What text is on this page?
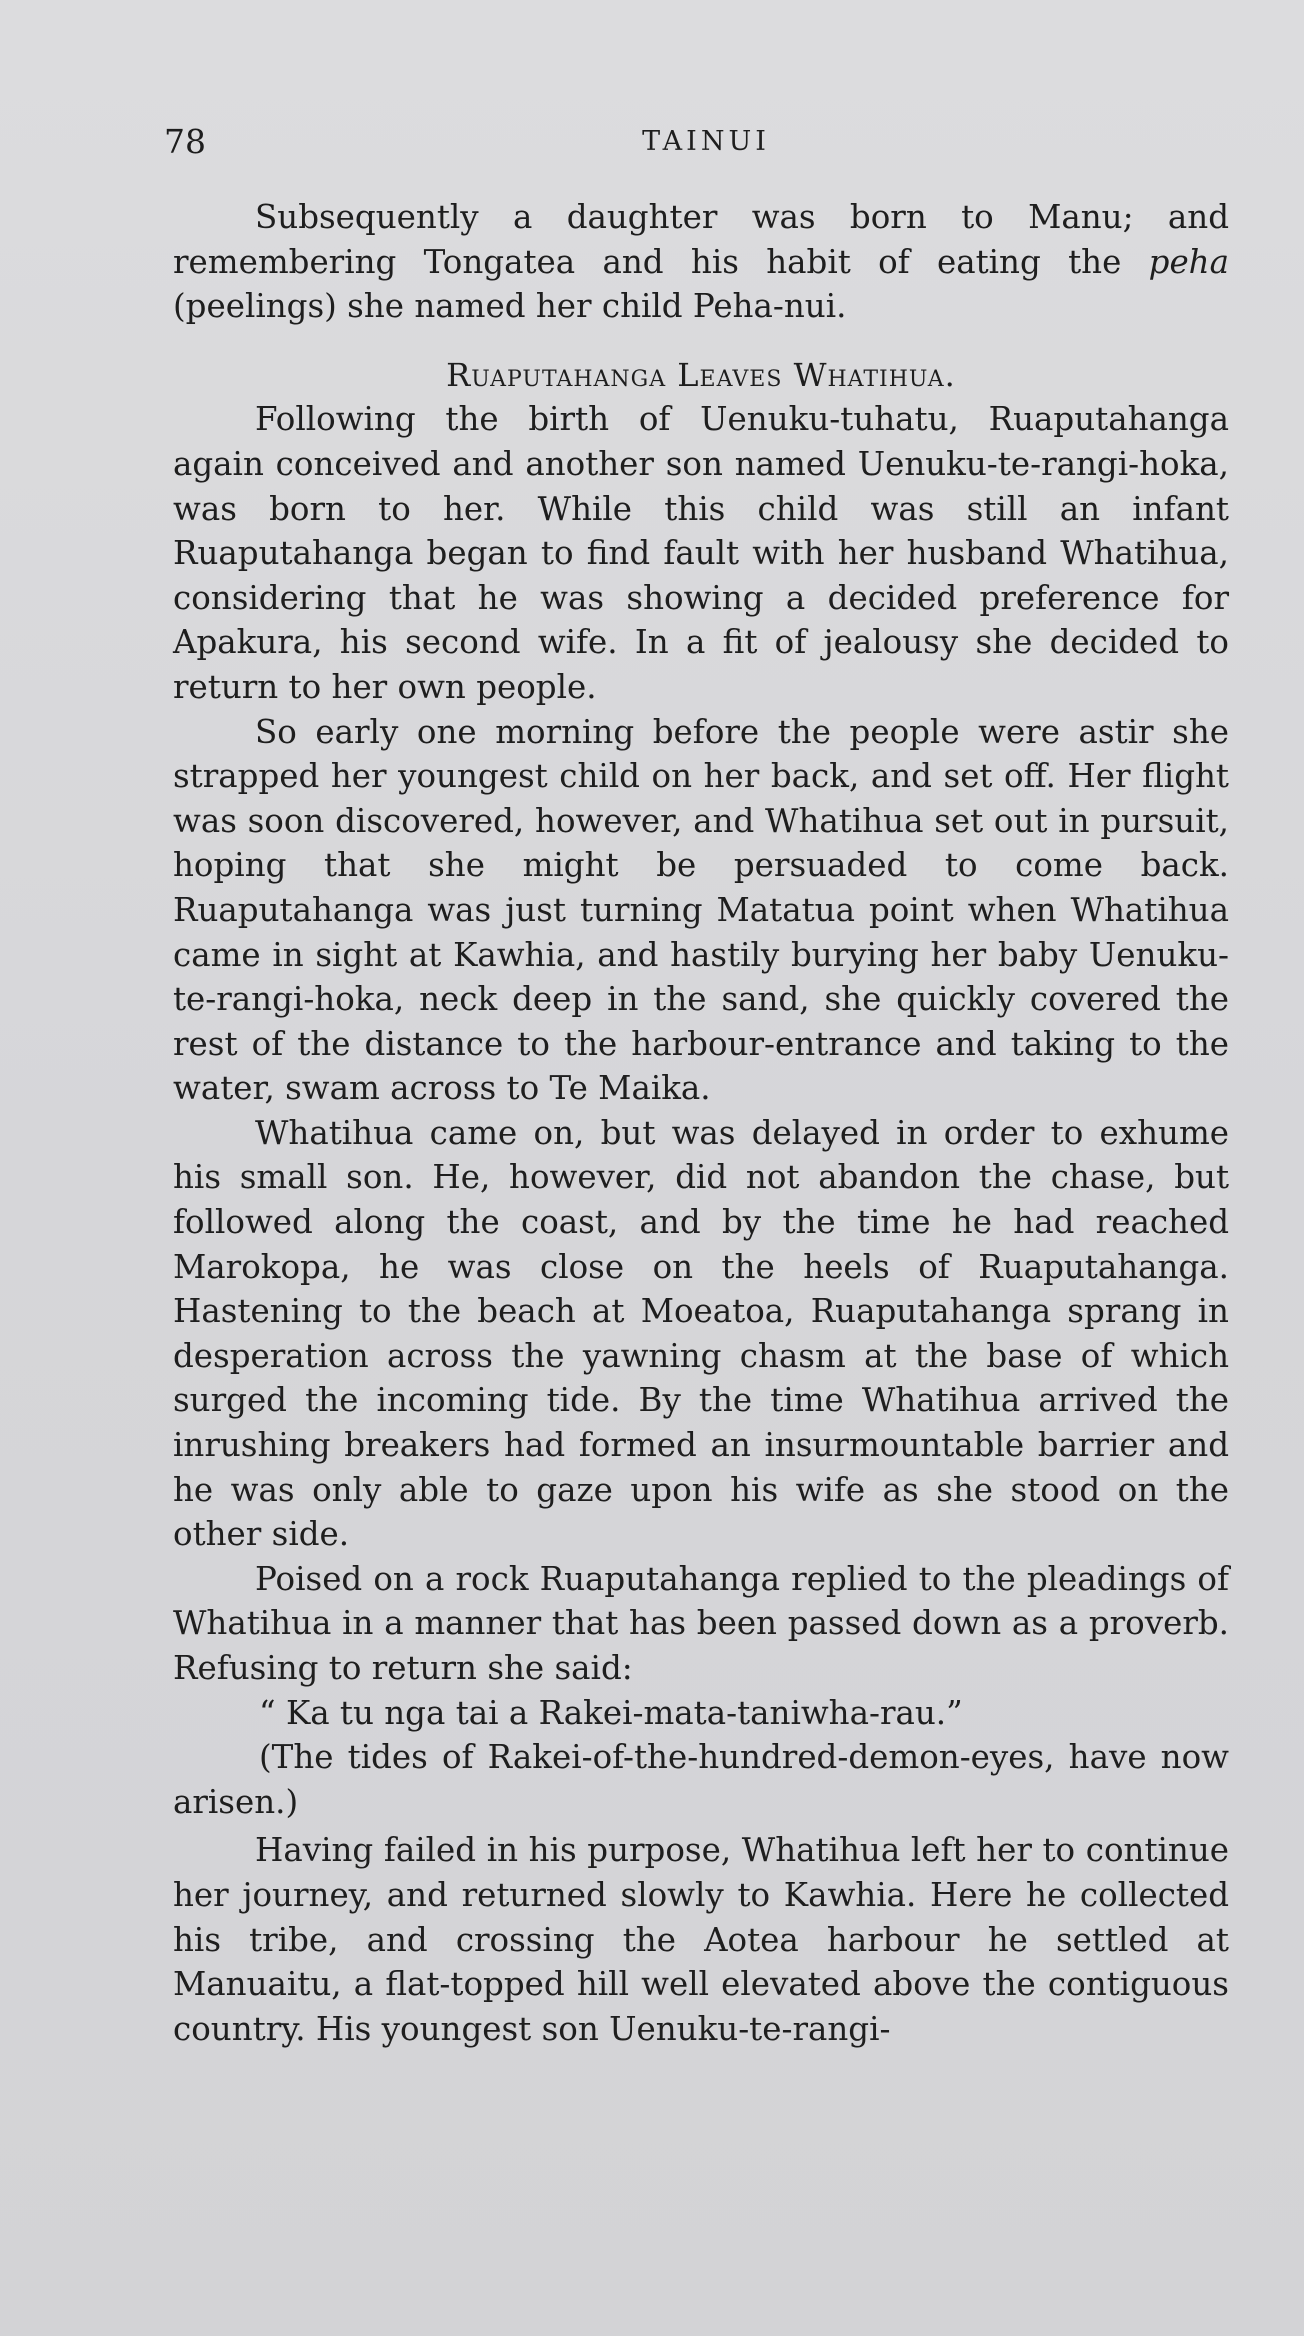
78	TAINUI

Subsequently a daughter was born to Manu; and remembering Tongatea and his habit of eating the peha (peelings) she named her child Peha-nui.

Ruaputahanga Leaves Whatihua.

Following the birth of Uenuku-tuhatu, Ruaputahanga again conceived and another son named Uenuku-te-rangi-hoka, was born to her. While this child was still an infant Ruaputahanga began to find fault with her husband Whatihua, considering that he was showing a decided preference for Apakura, his second wife. In a fit of jealousy she decided to return to her own people.

So early one morning before the people were astir she strapped her youngest child on her back, and set off. Her flight was soon discovered, however, and Whatihua set out in pursuit, hoping that she might be persuaded to come back. Ruaputahanga was just turning Matatua point when Whatihua came in sight at Kawhia, and hastily burying her baby Uenuku-te-rangi-hoka, neck deep in the sand, she quickly covered the rest of the distance to the harbour-entrance and taking to the water, swam across to Te Maika.

Whatihua came on, but was delayed in order to exhume his small son. He, however, did not abandon the chase, but followed along the coast, and by the time he had reached Marokopa, he was close on the heels of Ruaputahanga. Hastening to the beach at Moeatoa, Ruaputahanga sprang in desperation across the yawning chasm at the base of which surged the incoming tide. By the time Whatihua arrived the inrushing breakers had formed an insurmountable barrier and he was only able to gaze upon his wife as she stood on the other side.

Poised on a rock Ruaputahanga replied to the pleadings of Whatihua in a manner that has been passed down as a proverb. Refusing to return she said:

“ Ka tu nga tai a Rakei-mata-taniwha-rau.”

(The tides of Rakei-of-the-hundred-demon-eyes, have now arisen.)

Having failed in his purpose, Whatihua left her to continue her journey, and returned slowly to Kawhia. Here he collected his tribe, and crossing the Aotea harbour he settled at Manuaitu, a flat-topped hill well elevated above the contiguous country. His youngest son Uenuku-te-rangi-
